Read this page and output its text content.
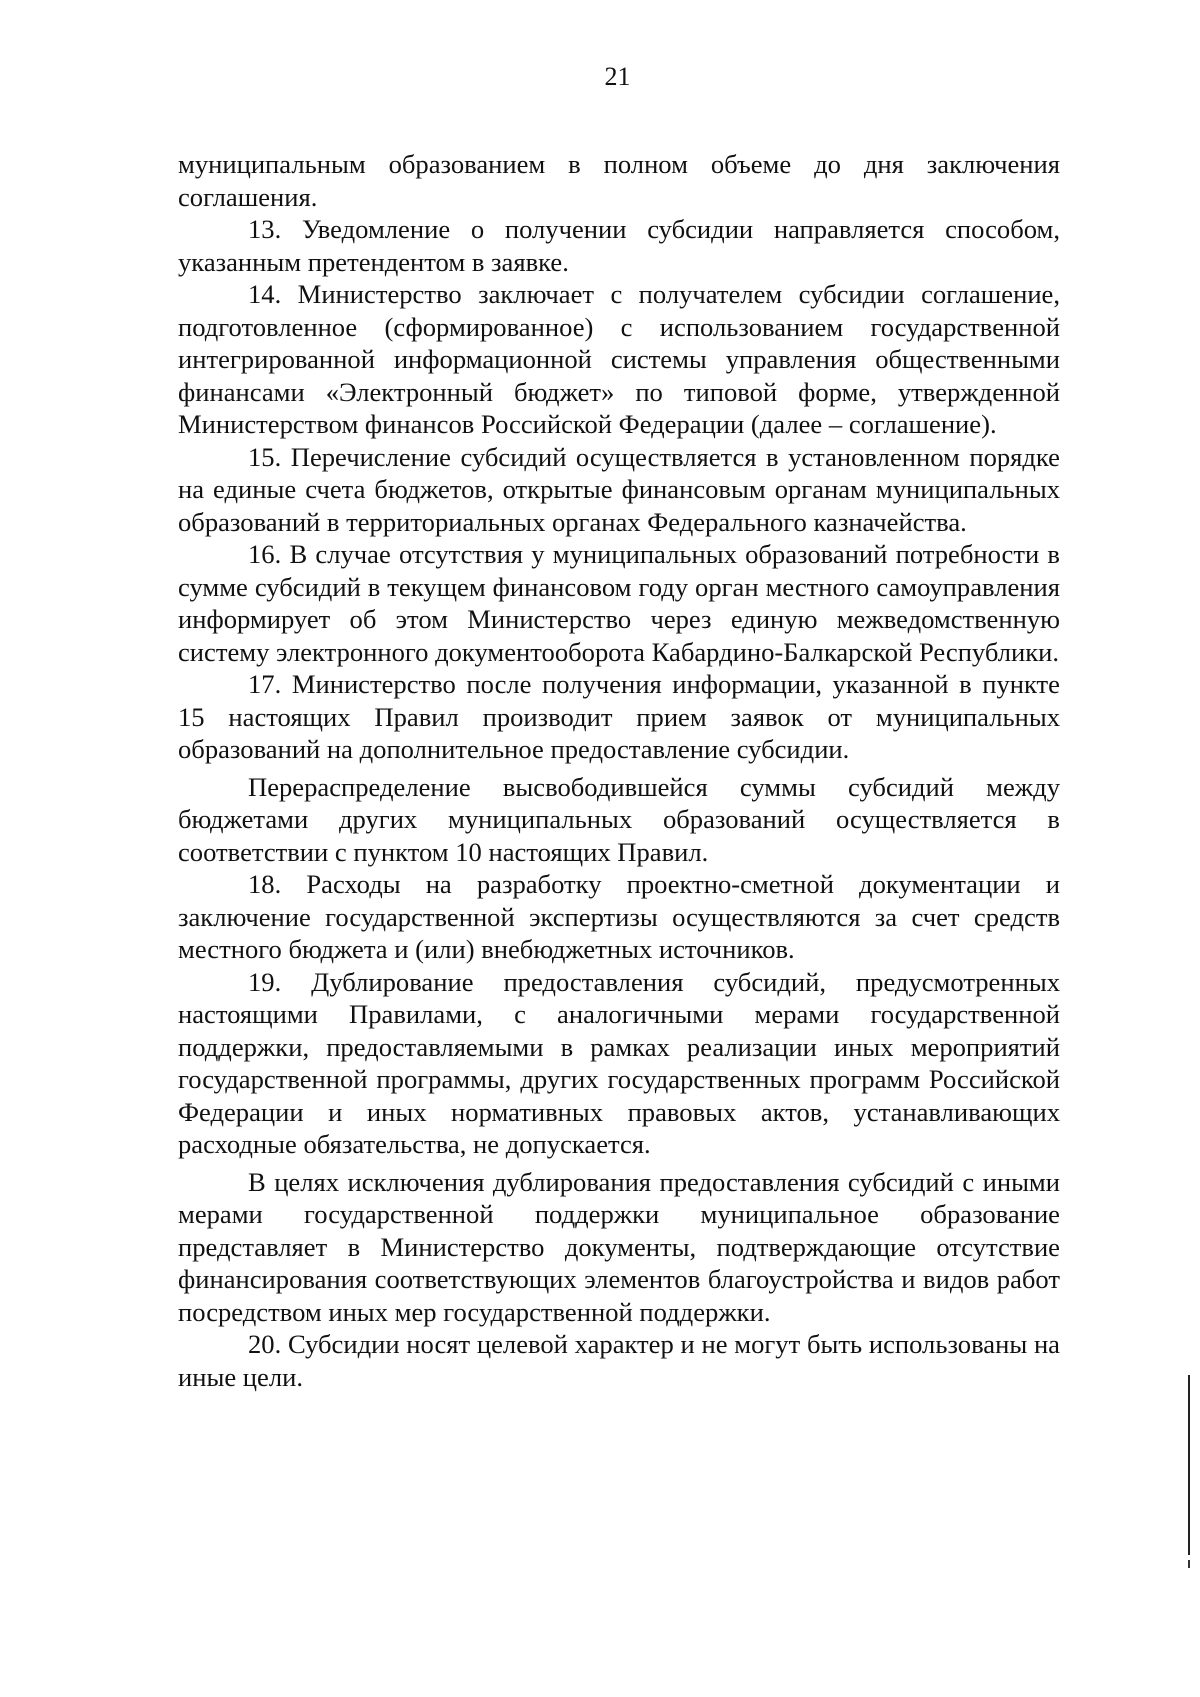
21

муниципальным образованием в полном объеме до дня заключения соглашения.

13. Уведомление о получении субсидии направляется способом, указанным претендентом в заявке.

14. Министерство заключает с получателем субсидии соглашение, подготовленное (сформированное) с использованием государственной интегрированной информационной системы управления общественными финансами «Электронный бюджет» по типовой форме, утвержденной Министерством финансов Российской Федерации (далее – соглашение).

15. Перечисление субсидий осуществляется в установленном порядке на единые счета бюджетов, открытые финансовым органам муниципальных образований в территориальных органах Федерального казначейства.

16. В случае отсутствия у муниципальных образований потребности в сумме субсидий в текущем финансовом году орган местного самоуправления информирует об этом Министерство через единую межведомственную систему электронного документооборота Кабардино-Балкарской Республики.

17. Министерство после получения информации, указанной в пункте 15 настоящих Правил производит прием заявок от муниципальных образований на дополнительное предоставление субсидии.

Перераспределение высвободившейся суммы субсидий между бюджетами других муниципальных образований осуществляется в соответствии с пунктом 10 настоящих Правил.

18. Расходы на разработку проектно-сметной документации и заключение государственной экспертизы осуществляются за счет средств местного бюджета и (или) внебюджетных источников.

19. Дублирование предоставления субсидий, предусмотренных настоящими Правилами, с аналогичными мерами государственной поддержки, предоставляемыми в рамках реализации иных мероприятий государственной программы, других государственных программ Российской Федерации и иных нормативных правовых актов, устанавливающих расходные обязательства, не допускается.

В целях исключения дублирования предоставления субсидий с иными мерами государственной поддержки муниципальное образование представляет в Министерство документы, подтверждающие отсутствие финансирования соответствующих элементов благоустройства и видов работ посредством иных мер государственной поддержки.

20. Субсидии носят целевой характер и не могут быть использованы на иные цели.
